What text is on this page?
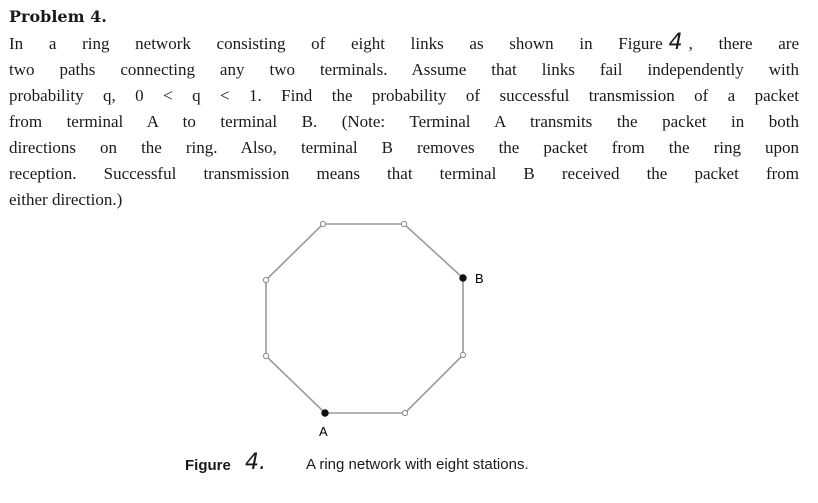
Problem 4.
In a ring network consisting of eight links as shown in Figure 4 , there are
two paths connecting any two terminals. Assume that links fail independently with
probability q, 0 < q < 1. Find the probability of successful transmission of a packet
from terminal A to terminal B. (Note: Terminal A transmits the packet in both
directions on the ring. Also, terminal B removes the packet from the ring upon
reception. Successful transmission means that terminal B received the packet from
either direction.)
B
A
Figure 4.	A ring network with eight stations.
